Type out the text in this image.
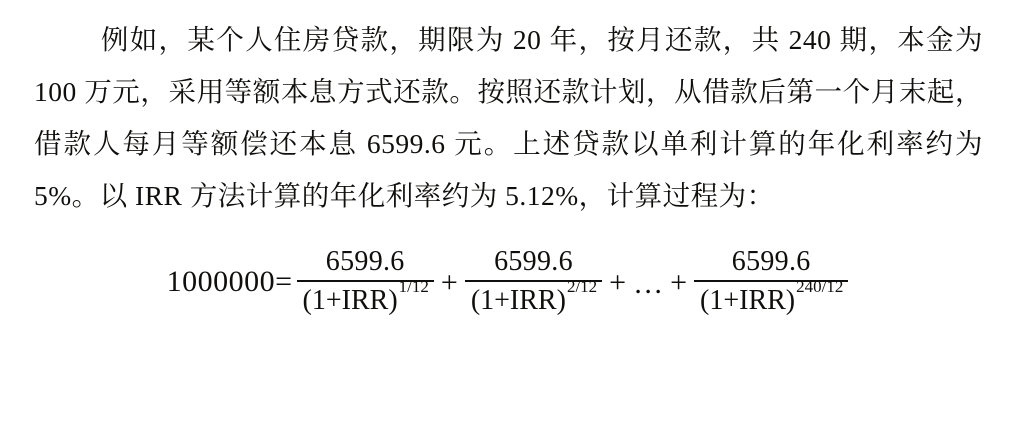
例如，某个人住房贷款，期限为 20 年，按月还款，共 240 期，本金为 100 万元，采用等额本息方式还款。按照还款计划，从借款后第一个月末起，借款人每月等额偿还本息 6599.6 元。上述贷款以单利计算的年化利率约为 5%。以 IRR 方法计算的年化利率约为 5.12%，计算过程为：
$1000000= \frac{6599.6}{(1+IRR)^{1/12}} + \frac{6599.6}{(1+IRR)^{2/12}}$ + … + $\frac{6599.6}{(1+IRR)^{240/12}}$
